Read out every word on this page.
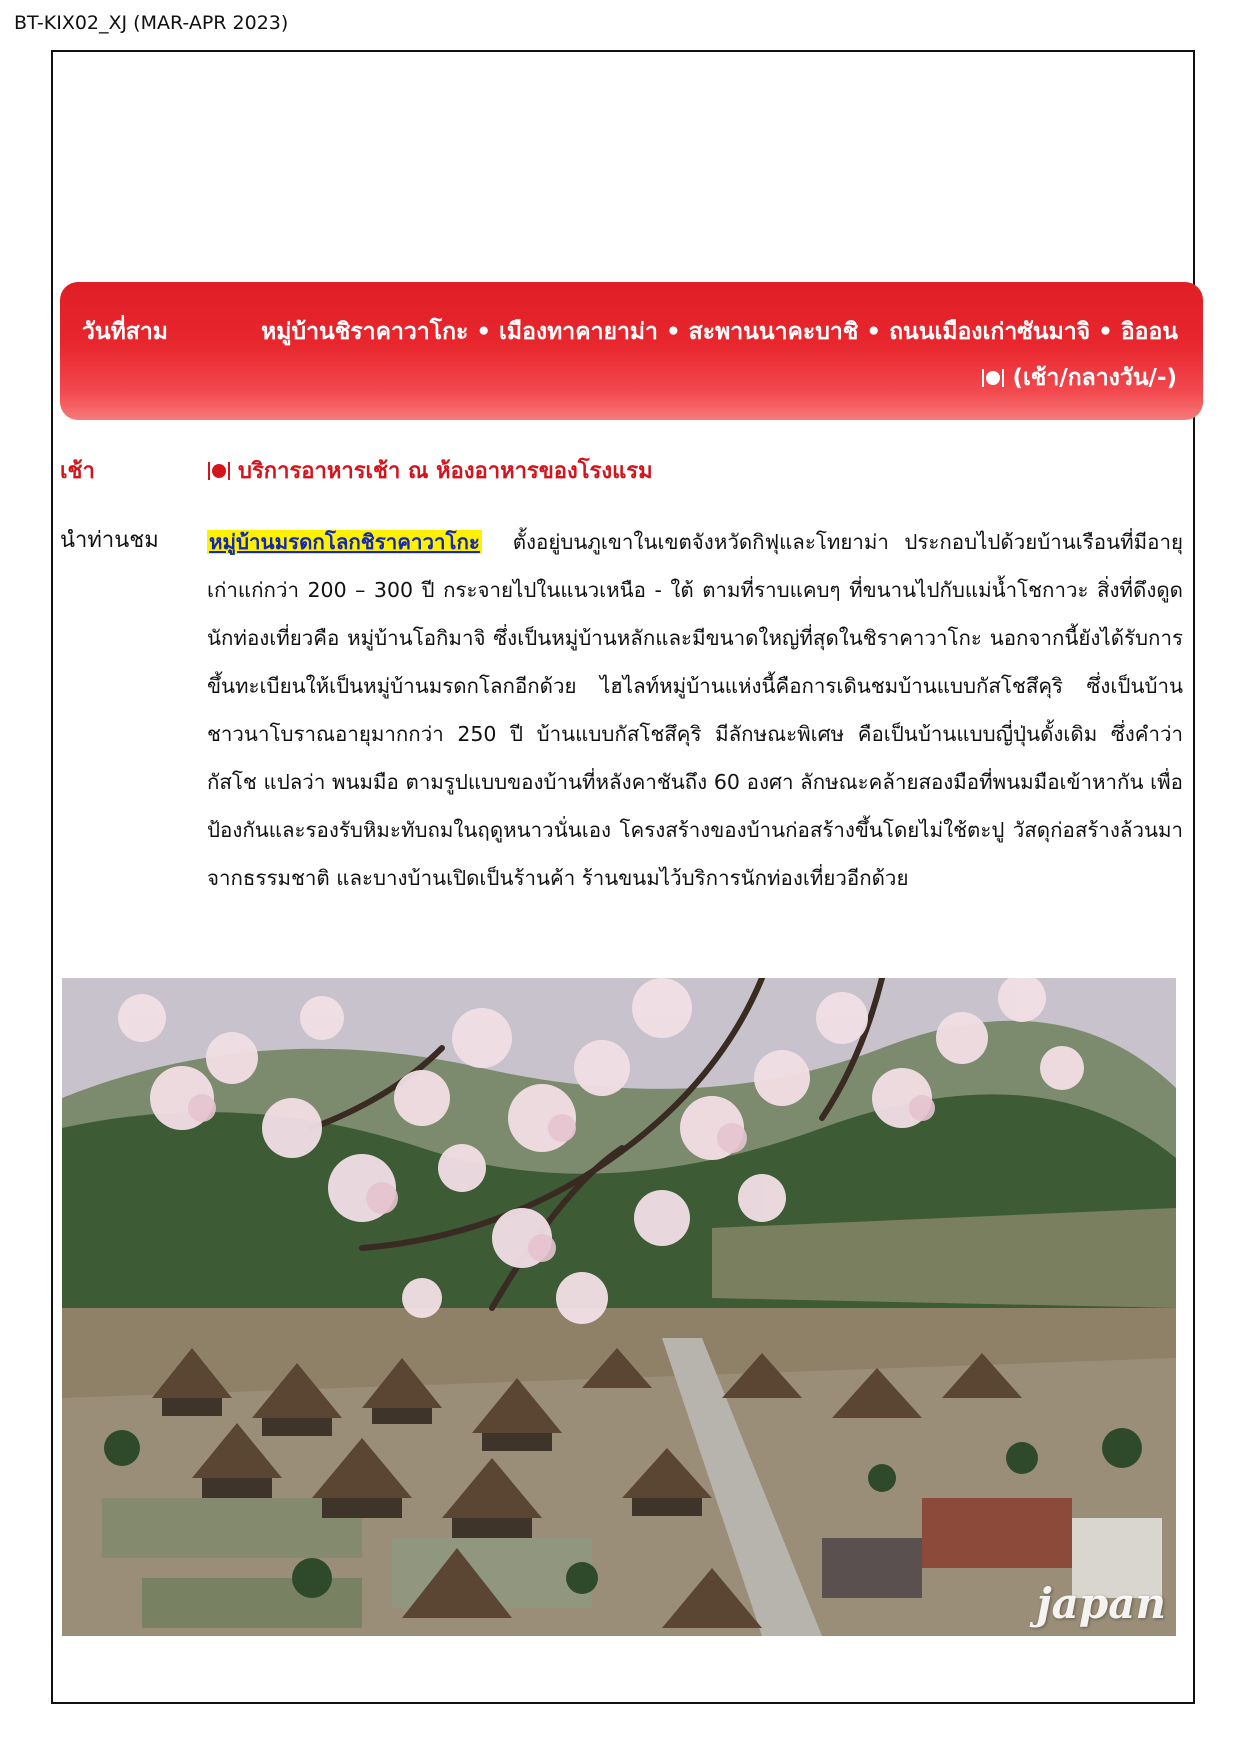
BT-KIX02_XJ (MAR-APR 2023)
วันที่สาม	หมู่บ้านชิราคาวาโกะ • เมืองทาคายาม่า • สะพานนาคะบาชิ • ถนนเมืองเก่าซันมาจิ • อิออน
(เช้า/กลางวัน/-)
เช้า	บริการอาหารเช้า ณ ห้องอาหารของโรงแรม
นำท่านชม หมู่บ้านมรดกโลกชิราคาวาโกะ ตั้งอยู่บนภูเขาในเขตจังหวัดกิฟุและโทยาม่า ประกอบไปด้วยบ้านเรือนที่มีอายุเก่าแก่กว่า 200 – 300 ปี กระจายไปในแนวเหนือ - ใต้ ตามที่ราบแคบๆ ที่ขนานไปกับแม่น้ำโชกาวะ สิ่งที่ดึงดูดนักท่องเที่ยวคือ หมู่บ้านโอกิมาจิ ซึ่งเป็นหมู่บ้านหลักและมีขนาดใหญ่ที่สุดในชิราคาวาโกะ นอกจากนี้ยังได้รับการขึ้นทะเบียนให้เป็นหมู่บ้านมรดกโลกอีกด้วย ไฮไลท์หมู่บ้านแห่งนี้คือการเดินชมบ้านแบบกัสโชสึคุริ ซึ่งเป็นบ้านชาวนาโบราณอายุมากกว่า 250 ปี บ้านแบบกัสโชสึคุริ มีลักษณะพิเศษ คือเป็นบ้านแบบญี่ปุ่นดั้งเดิม ซึ่งคำว่า กัสโช แปลว่า พนมมือ ตามรูปแบบของบ้านที่หลังคาชันถึง 60 องศา ลักษณะคล้ายสองมือที่พนมมือเข้าหากัน เพื่อป้องกันและรองรับหิมะทับถมในฤดูหนาวนั่นเอง โครงสร้างของบ้านก่อสร้างขึ้นโดยไม่ใช้ตะปู วัสดุก่อสร้างล้วนมาจากธรรมชาติ และบางบ้านเปิดเป็นร้านค้า ร้านขนมไว้บริการนักท่องเที่ยวอีกด้วย
japan
